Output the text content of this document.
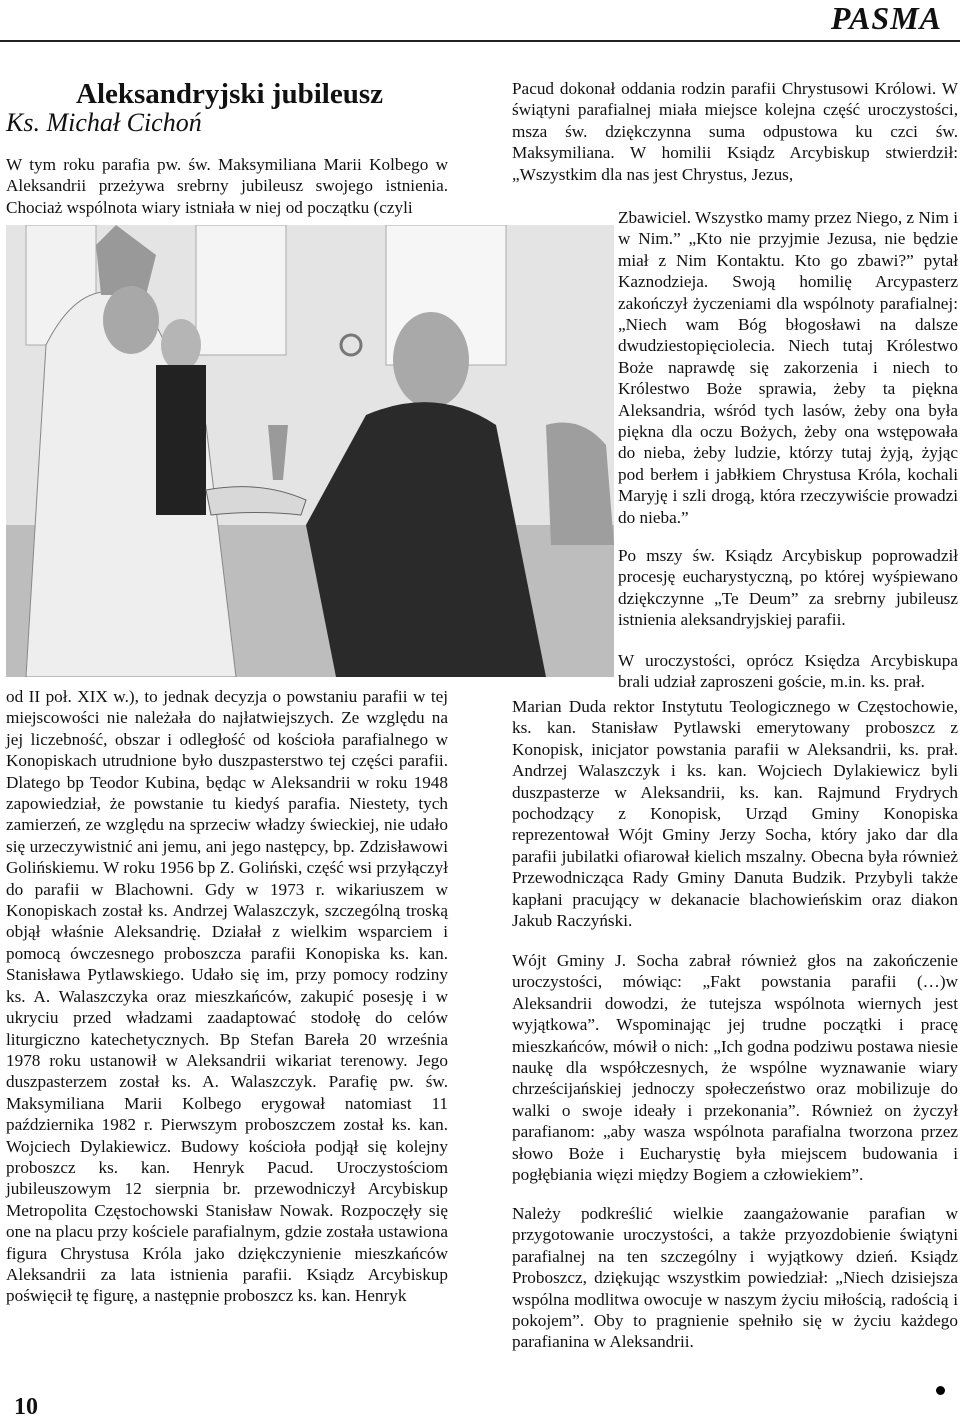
PASMA
Aleksandryjski jubileusz
Ks. Michał Cichoń

W tym roku parafia pw. św. Maksymiliana Marii Kolbego w Aleksandrii przeżywa srebrny jubileusz swojego istnienia. Chociaż wspólnota wiary istniała w niej od początku (czyli

od II poł. XIX w.), to jednak decyzja o powstaniu parafii w tej miejscowości nie należała do najłatwiejszych. Ze względu na jej liczebność, obszar i odległość od kościoła parafialnego w Konopiskach utrudnione było duszpasterstwo tej części parafii. Dlatego bp Teodor Kubina, będąc w Aleksandrii w roku 1948 zapowiedział, że powstanie tu kiedyś parafia. Niestety, tych zamierzeń, ze względu na sprzeciw władzy świeckiej, nie udało się urzeczywistnić ani jemu, ani jego następcy, bp. Zdzisławowi Golińskiemu. W roku 1956 bp Z. Goliński, część wsi przyłączył do parafii w Blachowni. Gdy w 1973 r. wikariuszem w Konopiskach został ks. Andrzej Walaszczyk, szczególną troską objął właśnie Aleksandrię. Działał z wielkim wsparciem i pomocą ówczesnego proboszcza parafii Konopiska ks. kan. Stanisława Pytlawskiego. Udało się im, przy pomocy rodziny ks. A. Walaszczyka oraz mieszkańców, zakupić posesję i w ukryciu przed władzami zaadaptować stodołę do celów liturgiczno katechetycznych. Bp Stefan Bareła 20 września 1978 roku ustanowił w Aleksandrii wikariat terenowy. Jego duszpasterzem został ks. A. Walaszczyk. Parafię pw. św. Maksymiliana Marii Kolbego erygował natomiast 11 października 1982 r. Pierwszym proboszczem został ks. kan. Wojciech Dylakiewicz. Budowy kościoła podjął się kolejny proboszcz ks. kan. Henryk Pacud. Uroczystościom jubileuszowym 12 sierpnia br. przewodniczył Arcybiskup Metropolita Częstochowski Stanisław Nowak. Rozpoczęły się one na placu przy kościele parafialnym, gdzie została ustawiona figura Chrystusa Króla jako dziękczynienie mieszkańców Aleksandrii za lata istnienia parafii. Ksiądz Arcybiskup poświęcił tę figurę, a następnie proboszcz ks. kan. Henryk

Pacud dokonał oddania rodzin parafii Chrystusowi Królowi. W świątyni parafialnej miała miejsce kolejna część uroczystości, msza św. dziękczynna suma odpustowa ku czci św. Maksymiliana. W homilii Ksiądz Arcybiskup stwierdził: „Wszystkim dla nas jest Chrystus, Jezus,

Zbawiciel. Wszystko mamy przez Niego, z Nim i w Nim.” „Kto nie przyjmie Jezusa, nie będzie miał z Nim Kontaktu. Kto go zbawi?” pytał Kaznodzieja. Swoją homilię Arcypasterz zakończył życzeniami dla wspólnoty parafialnej: „Niech wam Bóg błogosławi na dalsze dwudziestopięciolecia. Niech tutaj Królestwo Boże naprawdę się zakorzenia i niech to Królestwo Boże sprawia, żeby ta piękna Aleksandria, wśród tych lasów, żeby ona była piękna dla oczu Bożych, żeby ona wstępowała do nieba, żeby ludzie, którzy tutaj żyją, żyjąc pod berłem i jabłkiem Chrystusa Króla, kochali Maryję i szli drogą, która rzeczywiście prowadzi do nieba.”

Po mszy św. Ksiądz Arcybiskup poprowadził procesję eucharystyczną, po której wyśpiewano dziękczynne „Te Deum” za srebrny jubileusz istnienia aleksandryjskiej parafii.

W uroczystości, oprócz Księdza Arcybiskupa brali udział zaproszeni goście, m.in. ks. prał.

Marian Duda rektor Instytutu Teologicznego w Częstochowie, ks. kan. Stanisław Pytlawski emerytowany proboszcz z Konopisk, inicjator powstania parafii w Aleksandrii, ks. prał. Andrzej Walaszczyk i ks. kan. Wojciech Dylakiewicz byli duszpasterze w Aleksandrii, ks. kan. Rajmund Frydrych pochodzący z Konopisk, Urząd Gminy Konopiska reprezentował Wójt Gminy Jerzy Socha, który jako dar dla parafii jubilatki ofiarował kielich mszalny. Obecna była również Przewodnicząca Rady Gminy Danuta Budzik. Przybyli także kapłani pracujący w dekanacie blachowieńskim oraz diakon Jakub Raczyński.

Wójt Gminy J. Socha zabrał również głos na zakończenie uroczystości, mówiąc: „Fakt powstania parafii (…)w Aleksandrii dowodzi, że tutejsza wspólnota wiernych jest wyjątkowa”. Wspominając jej trudne początki i pracę mieszkańców, mówił o nich: „Ich godna podziwu postawa niesie naukę dla współczesnych, że wspólne wyznawanie wiary chrześcijańskiej jednoczy społeczeństwo oraz mobilizuje do walki o swoje ideały i przekonania”. Również on życzył parafianom: „aby wasza wspólnota parafialna tworzona przez słowo Boże i Eucharystię była miejscem budowania i pogłębiania więzi między Bogiem a człowiekiem”.

Należy podkreślić wielkie zaangażowanie parafian w przygotowanie uroczystości, a także przyozdobienie świątyni parafialnej na ten szczególny i wyjątkowy dzień. Ksiądz Proboszcz, dziękując wszystkim powiedział: „Niech dzisiejsza wspólna modlitwa owocuje w naszym życiu miłością, radością i pokojem”. Oby to pragnienie spełniło się w życiu każdego parafianina w Aleksandrii.

10
